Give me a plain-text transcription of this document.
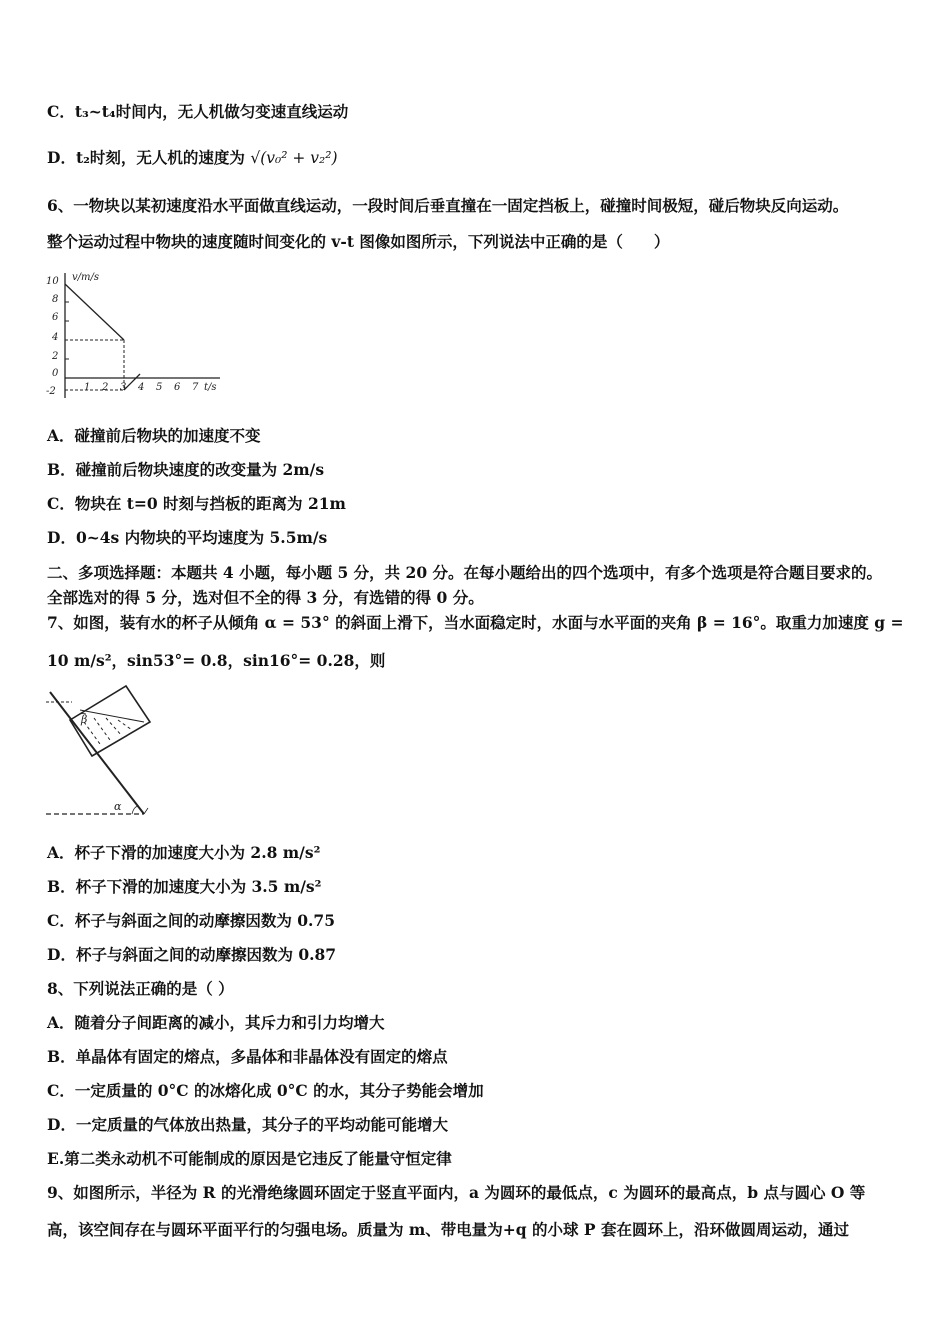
C．t₃~t₄时间内，无人机做匀变速直线运动
D．t₂时刻，无人机的速度为 √(v₀² + v₂²)
6、一物块以某初速度沿水平面做直线运动，一段时间后垂直撞在一固定挡板上，碰撞时间极短，碰后物块反向运动。
整个运动过程中物块的速度随时间变化的 v-t 图像如图所示，下列说法中正确的是（　　）
10
8
6
4
2
0
-2
v/m/s
1 2 3 4 5 6 7 t/s
A．碰撞前后物块的加速度不变
B．碰撞前后物块速度的改变量为 2m/s
C．物块在 t=0 时刻与挡板的距离为 21m
D．0~4s 内物块的平均速度为 5.5m/s
二、多项选择题：本题共 4 小题，每小题 5 分，共 20 分。在每小题给出的四个选项中，有多个选项是符合题目要求的。
全部选对的得 5 分，选对但不全的得 3 分，有选错的得 0 分。
7、如图，装有水的杯子从倾角 α = 53° 的斜面上滑下，当水面稳定时，水面与水平面的夹角 β = 16°。取重力加速度 g =
10 m/s²，sin53°= 0.8，sin16°= 0.28，则
β
α
A．杯子下滑的加速度大小为 2.8 m/s²
B．杯子下滑的加速度大小为 3.5 m/s²
C．杯子与斜面之间的动摩擦因数为 0.75
D．杯子与斜面之间的动摩擦因数为 0.87
8、下列说法正确的是（ ）
A．随着分子间距离的减小，其斥力和引力均增大
B．单晶体有固定的熔点，多晶体和非晶体没有固定的熔点
C．一定质量的 0°C 的冰熔化成 0°C 的水，其分子势能会增加
D．一定质量的气体放出热量，其分子的平均动能可能增大
E.第二类永动机不可能制成的原因是它违反了能量守恒定律
9、如图所示，半径为 R 的光滑绝缘圆环固定于竖直平面内，a 为圆环的最低点，c 为圆环的最高点，b 点与圆心 O 等
高，该空间存在与圆环平面平行的匀强电场。质量为 m、带电量为+q 的小球 P 套在圆环上，沿环做圆周运动，通过
